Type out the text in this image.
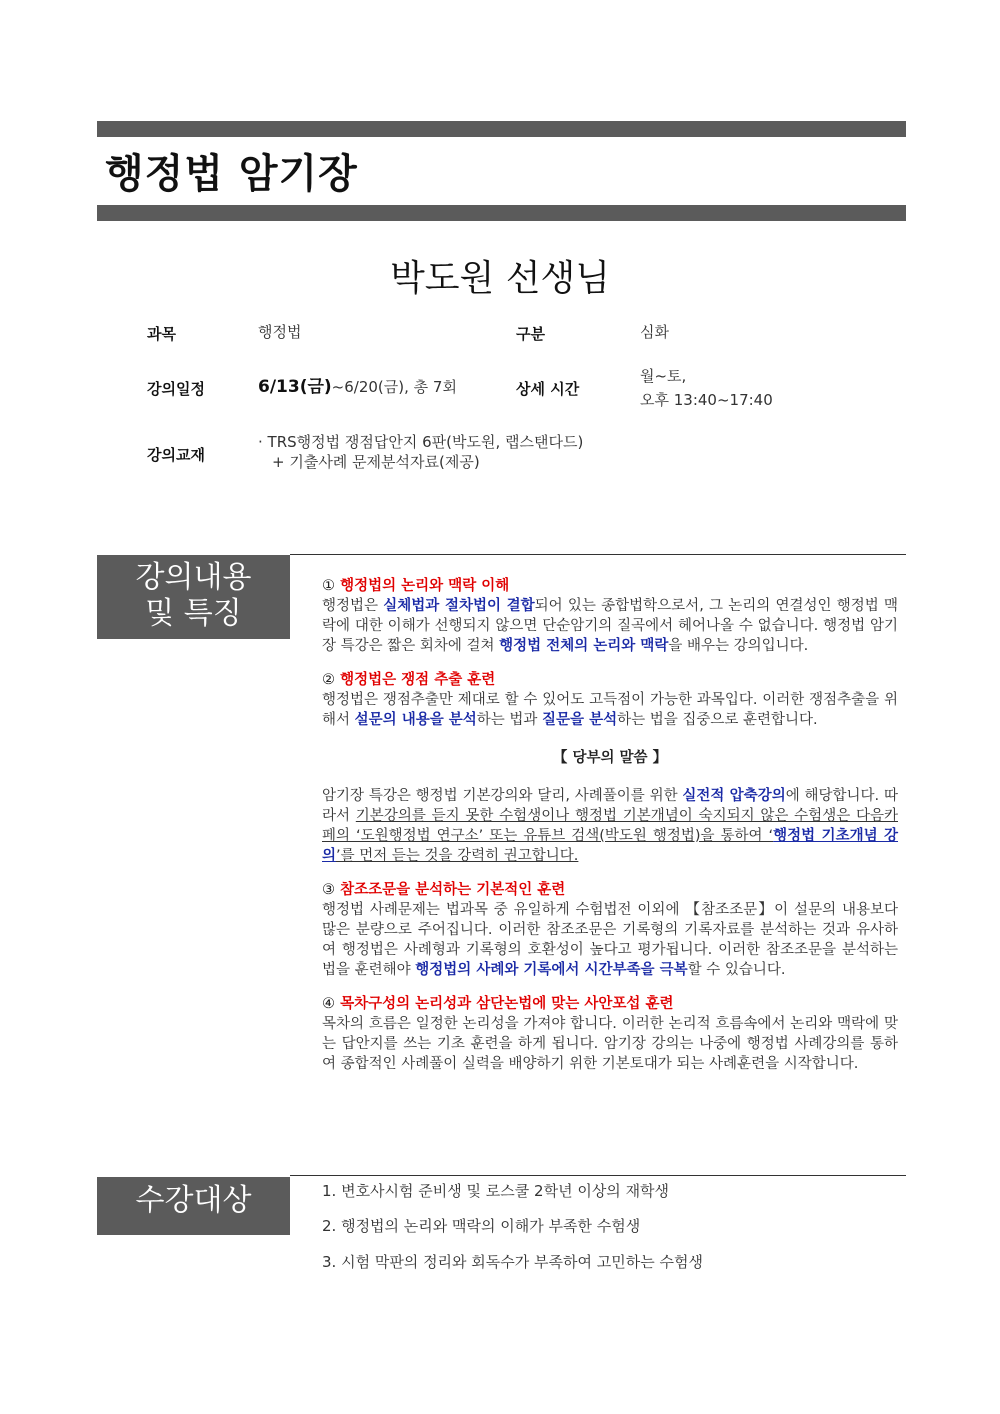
행정법 암기장
박도원 선생님
과목	행정법	구분	심화
강의일정	6/13(금)~6/20(금), 총 7회	상세 시간
월~토,
오후 13:40~17:40
강의교재
· TRS행정법 쟁점답안지 6판(박도원, 랩스탠다드)
+ 기출사례 문제분석자료(제공)
강의내용
및 특징

① 행정법의 논리와 맥락 이해
행정법은 실체법과 절차법이 결합되어 있는 종합법학으로서, 그 논리의 연결성인 행정법 맥락에 대한 이해가 선행되지 않으면 단순암기의 질곡에서 헤어나올 수 없습니다. 행정법 암기장 특강은 짧은 회차에 걸쳐 행정법 전체의 논리와 맥락을 배우는 강의입니다.

② 행정법은 쟁점 추출 훈련
행정법은 쟁점추출만 제대로 할 수 있어도 고득점이 가능한 과목입다. 이러한 쟁점추출을 위해서 설문의 내용을 분석하는 법과 질문을 분석하는 법을 집중으로 훈련합니다.

【 당부의 말씀 】

암기장 특강은 행정법 기본강의와 달리, 사례풀이를 위한 실전적 압축강의에 해당합니다. 따라서 기본강의를 듣지 못한 수험생이나 행정법 기본개념이 숙지되지 않은 수험생은 다음카페의 ‘도원행정법 연구소’ 또는 유튜브 검색(박도원 행정법)을 통하여 ‘행정법 기초개념 강의’를 먼저 듣는 것을 강력히 권고합니다.

③ 참조조문을 분석하는 기본적인 훈련
행정법 사례문제는 법과목 중 유일하게 수험법전 이외에 【참조조문】이 설문의 내용보다 많은 분량으로 주어집니다. 이러한 참조조문은 기록형의 기록자료를 분석하는 것과 유사하여 행정법은 사례형과 기록형의 호환성이 높다고 평가됩니다. 이러한 참조조문을 분석하는 법을 훈련해야 행정법의 사례와 기록에서 시간부족을 극복할 수 있습니다.

④ 목차구성의 논리성과 삼단논법에 맞는 사안포섭 훈련
목차의 흐름은 일정한 논리성을 가져야 합니다. 이러한 논리적 흐름속에서 논리와 맥락에 맞는 답안지를 쓰는 기초 훈련을 하게 됩니다. 암기장 강의는 나중에 행정법 사례강의를 통하여 종합적인 사례풀이 실력을 배양하기 위한 기본토대가 되는 사례훈련을 시작합니다.

수강대상	1. 변호사시험 준비생 및 로스쿨 2학년 이상의 재학생
2. 행정법의 논리와 맥락의 이해가 부족한 수험생
3. 시험 막판의 정리와 회독수가 부족하여 고민하는 수험생
